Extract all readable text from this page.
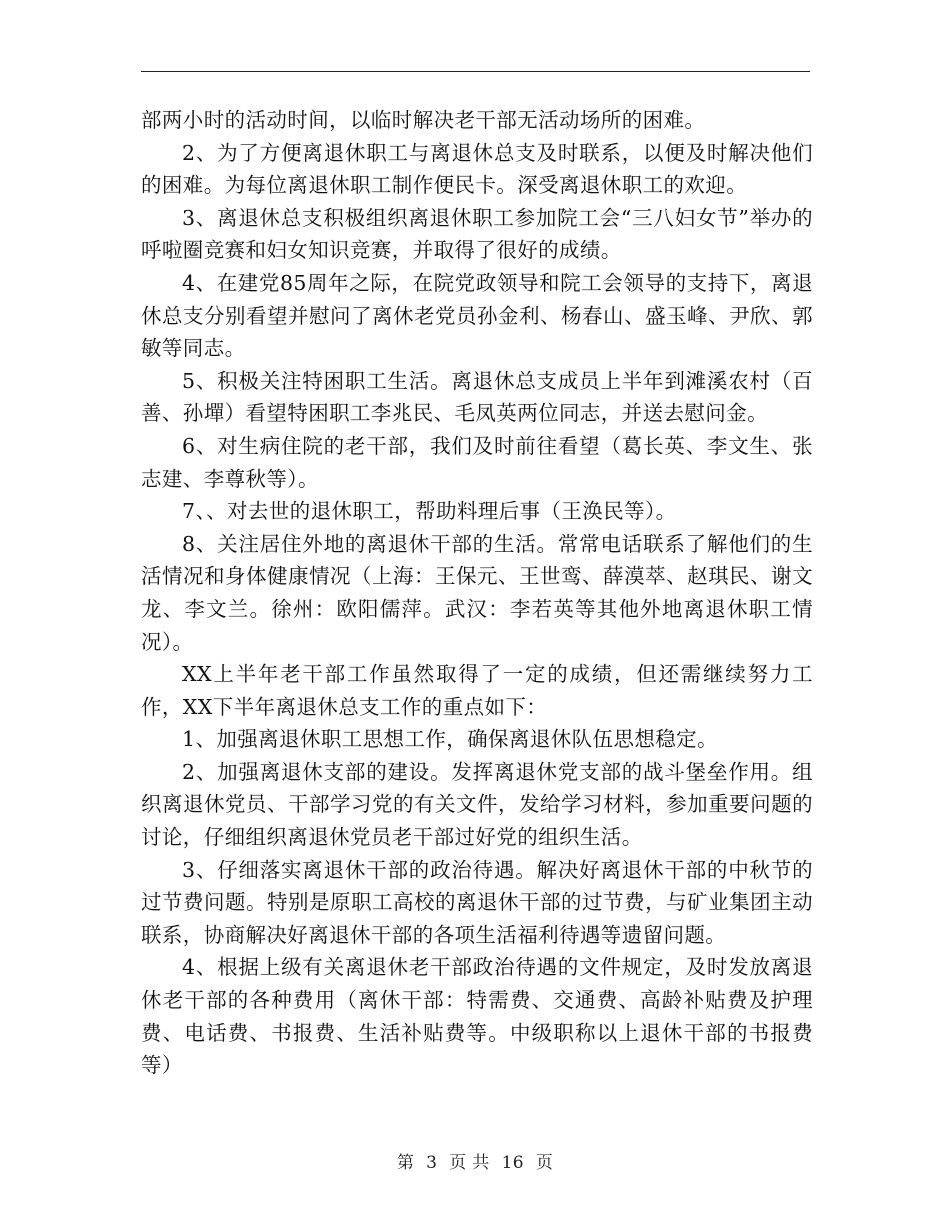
部两小时的活动时间，以临时解决老干部无活动场所的困难。

2、为了方便离退休职工与离退休总支及时联系，以便及时解决他们的困难。为每位离退休职工制作便民卡。深受离退休职工的欢迎。

3、离退休总支积极组织离退休职工参加院工会“三八妇女节”举办的呼啦圈竞赛和妇女知识竞赛，并取得了很好的成绩。

4、在建党85周年之际，在院党政领导和院工会领导的支持下，离退休总支分别看望并慰问了离休老党员孙金利、杨春山、盛玉峰、尹欣、郭敏等同志。

5、积极关注特困职工生活。离退休总支成员上半年到滩溪农村（百善、孙墠）看望特困职工李兆民、毛凤英两位同志，并送去慰问金。

6、对生病住院的老干部，我们及时前往看望（葛长英、李文生、张志建、李尊秋等）。

7、、对去世的退休职工，帮助料理后事（王涣民等）。

8、关注居住外地的离退休干部的生活。常常电话联系了解他们的生活情况和身体健康情况（上海：王保元、王世鸾、薛漠萃、赵琪民、谢文龙、李文兰。徐州：欧阳儒萍。武汉：李若英等其他外地离退休职工情况）。

XX上半年老干部工作虽然取得了一定的成绩，但还需继续努力工作，XX下半年离退休总支工作的重点如下：

1、加强离退休职工思想工作，确保离退休队伍思想稳定。

2、加强离退休支部的建设。发挥离退休党支部的战斗堡垒作用。组织离退休党员、干部学习党的有关文件，发给学习材料，参加重要问题的讨论，仔细组织离退休党员老干部过好党的组织生活。

3、仔细落实离退休干部的政治待遇。解决好离退休干部的中秋节的过节费问题。特别是原职工高校的离退休干部的过节费，与矿业集团主动联系，协商解决好离退休干部的各项生活福利待遇等遗留问题。

4、根据上级有关离退休老干部政治待遇的文件规定，及时发放离退休老干部的各种费用（离休干部：特需费、交通费、高龄补贴费及护理费、电话费、书报费、生活补贴费等。中级职称以上退休干部的书报费等）

第 3 页 共 16 页
